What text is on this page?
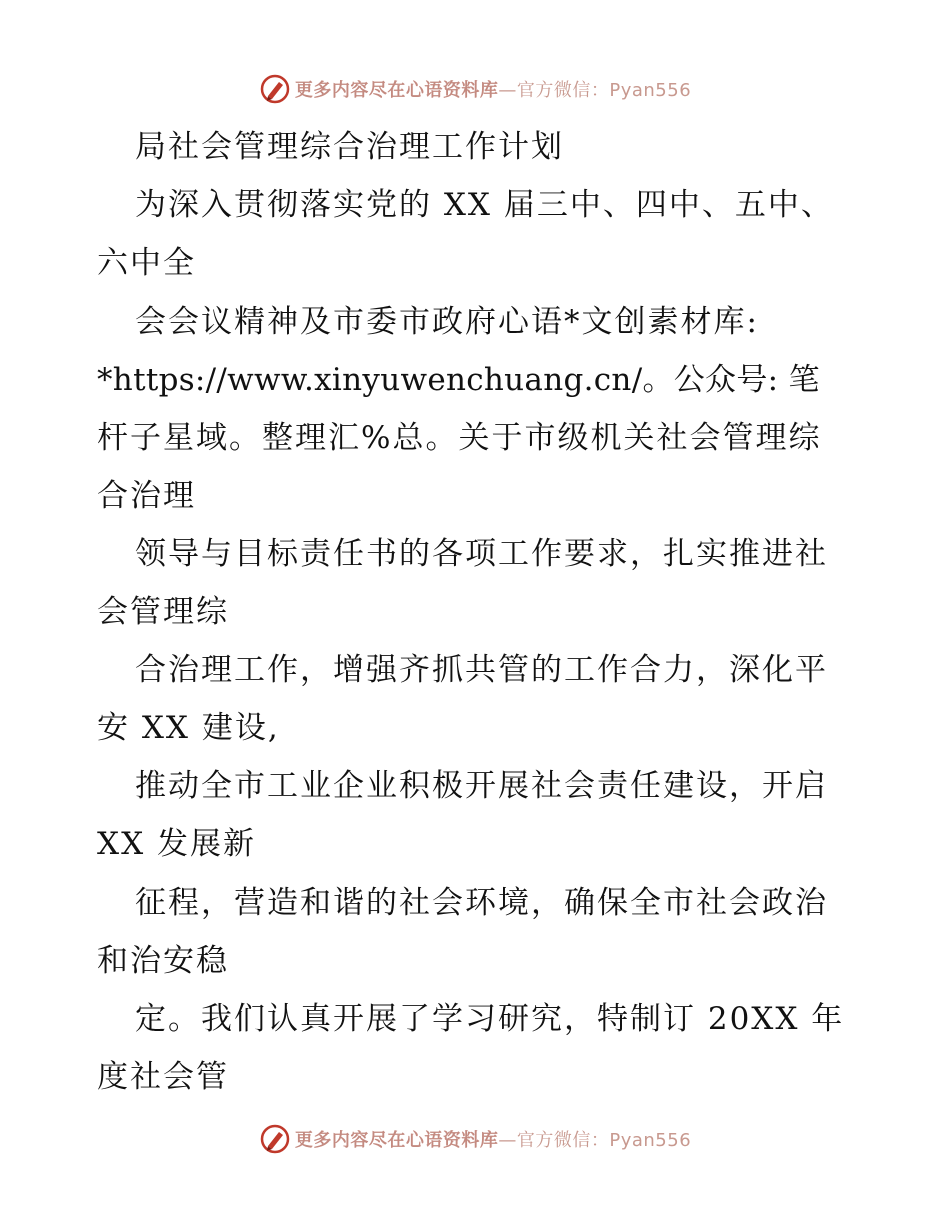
更多内容尽在心语资料库—官方微信：Pyan556
局社会管理综合治理工作计划
为深入贯彻落实党的 XX 届三中、四中、五中、
六中全
会会议精神及市委市政府心语*文创素材库:
*https://www.xinyuwenchuang.cn/。公众号: 笔
杆子星域。整理汇%总。关于市级机关社会管理综
合治理
领导与目标责任书的各项工作要求，扎实推进社
会管理综
合治理工作，增强齐抓共管的工作合力，深化平
安 XX 建设,
推动全市工业企业积极开展社会责任建设，开启
XX 发展新
征程，营造和谐的社会环境，确保全市社会政治
和治安稳
定。我们认真开展了学习研究，特制订 20XX 年
度社会管
更多内容尽在心语资料库—官方微信：Pyan556
